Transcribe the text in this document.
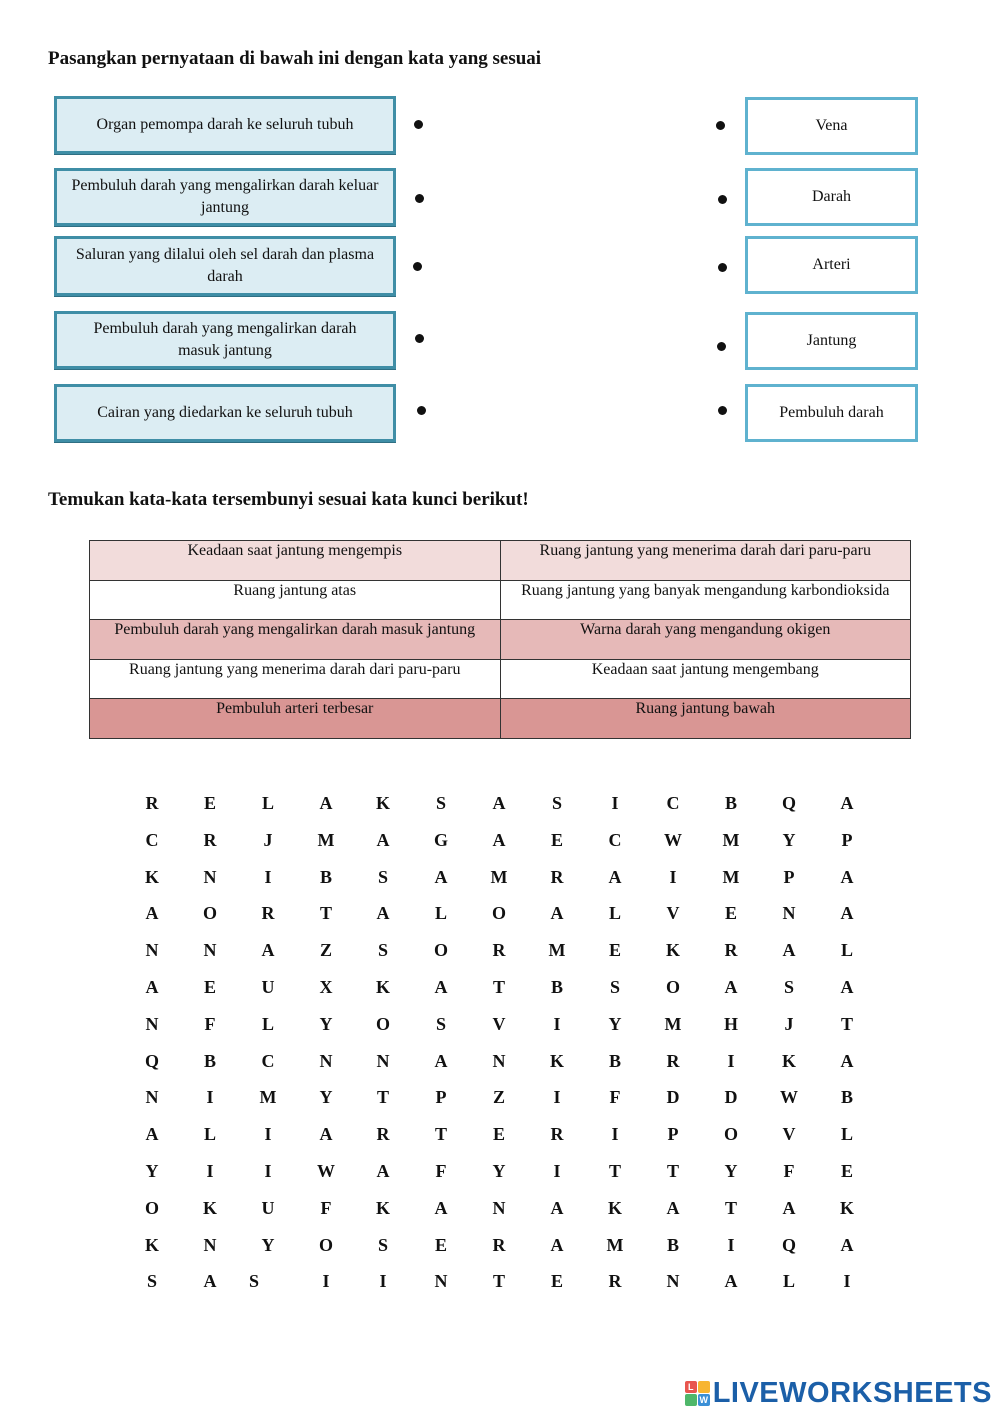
Pasangkan pernyataan di bawah ini dengan kata yang sesuai
Organ pemompa darah ke seluruh tubuh
Pembuluh darah yang mengalirkan darah keluar jantung
Saluran yang dilalui oleh sel darah dan plasma darah
Pembuluh darah yang mengalirkan darah masuk jantung
Cairan yang diedarkan ke seluruh tubuh
Vena
Darah
Arteri
Jantung
Pembuluh darah
Temukan kata-kata tersembunyi sesuai kata kunci berikut!
Keadaan saat jantung mengempis	Ruang jantung yang menerima darah dari paru-paru
Ruang jantung atas	Ruang jantung yang banyak mengandung karbondioksida
Pembuluh darah yang mengalirkan darah masuk jantung	Warna darah yang mengandung okigen
Ruang jantung yang menerima darah dari paru-paru	Keadaan saat jantung mengembang
Pembuluh arteri terbesar	Ruang jantung bawah
R	E	L	A	K	S	A	S	I	C	B	Q	A
C	R	J	M	A	G	A	E	C	W	M	Y	P
K	N	I	B	S	A	M	R	A	I	M	P	A
A	O	R	T	A	L	O	A	L	V	E	N	A
N	N	A	Z	S	O	R	M	E	K	R	A	L
A	E	U	X	K	A	T	B	S	O	A	S	A
N	F	L	Y	O	S	V	I	Y	M	H	J	T
Q	B	C	N	N	A	N	K	B	R	I	K	A
N	I	M	Y	T	P	Z	I	F	D	D	W	B
A	L	I	A	R	T	E	R	I	P	O	V	L
Y	I	I	W	A	F	Y	I	T	T	Y	F	E
O	K	U	F	K	A	N	A	K	A	T	A	K
K	N	Y	O	S	E	R	A	M	B	I	Q	A
S	A	S	I	I	N	T	E	R	N	A	L	I
L
W LIVEWORKSHEETS
